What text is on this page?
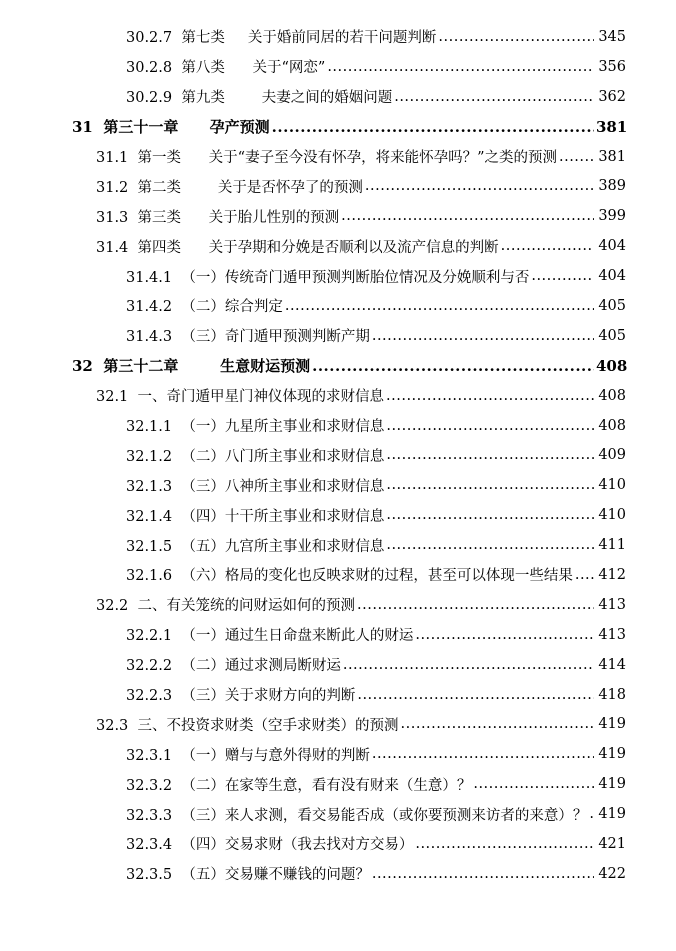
30.2.7  第七类     关于婚前同居的若干问题判断 .....	345
30.2.8  第八类      关于“网恋” .....	356
30.2.9  第九类        夫妻之间的婚姻问题 .....	362
31  第三十一章      孕产预测 .....	381
31.1  第一类      关于“妻子至今没有怀孕，将来能怀孕吗？”之类的预测 .....	381
31.2  第二类        关于是否怀孕了的预测 .....	389
31.3  第三类      关于胎儿性别的预测 .....	399
31.4  第四类      关于孕期和分娩是否顺利以及流产信息的判断 .....	404
31.4.1  （一）传统奇门遁甲预测判断胎位情况及分娩顺利与否 .....	404
31.4.2  （二）综合判定 .....	405
31.4.3  （三）奇门遁甲预测判断产期 .....	405
32  第三十二章        生意财运预测 .....	408
32.1  一、奇门遁甲星门神仪体现的求财信息 .....	408
32.1.1  （一）九星所主事业和求财信息 .....	408
32.1.2  （二）八门所主事业和求财信息 .....	409
32.1.3  （三）八神所主事业和求财信息 .....	410
32.1.4  （四）十干所主事业和求财信息 .....	410
32.1.5  （五）九宫所主事业和求财信息 .....	411
32.1.6  （六）格局的变化也反映求财的过程，甚至可以体现一些结果 ..... 412
32.2  二、有关笼统的问财运如何的预测 .....	413
32.2.1  （一）通过生日命盘来断此人的财运 .....	413
32.2.2  （二）通过求测局断财运 .....	414
32.2.3  （三）关于求财方向的判断 .....	418
32.3  三、不投资求财类（空手求财类）的预测 .....	419
32.3.1  （一）赠与与意外得财的判断 .....	419
32.3.2  （二）在家等生意，看有没有财来（生意）？ .....	419
32.3.3  （三）来人求测，看交易能否成（或你要预测来访者的来意）？ ..... 419
32.3.4  （四）交易求财（我去找对方交易） .....	421
32.3.5  （五）交易赚不赚钱的问题？ .....	422
